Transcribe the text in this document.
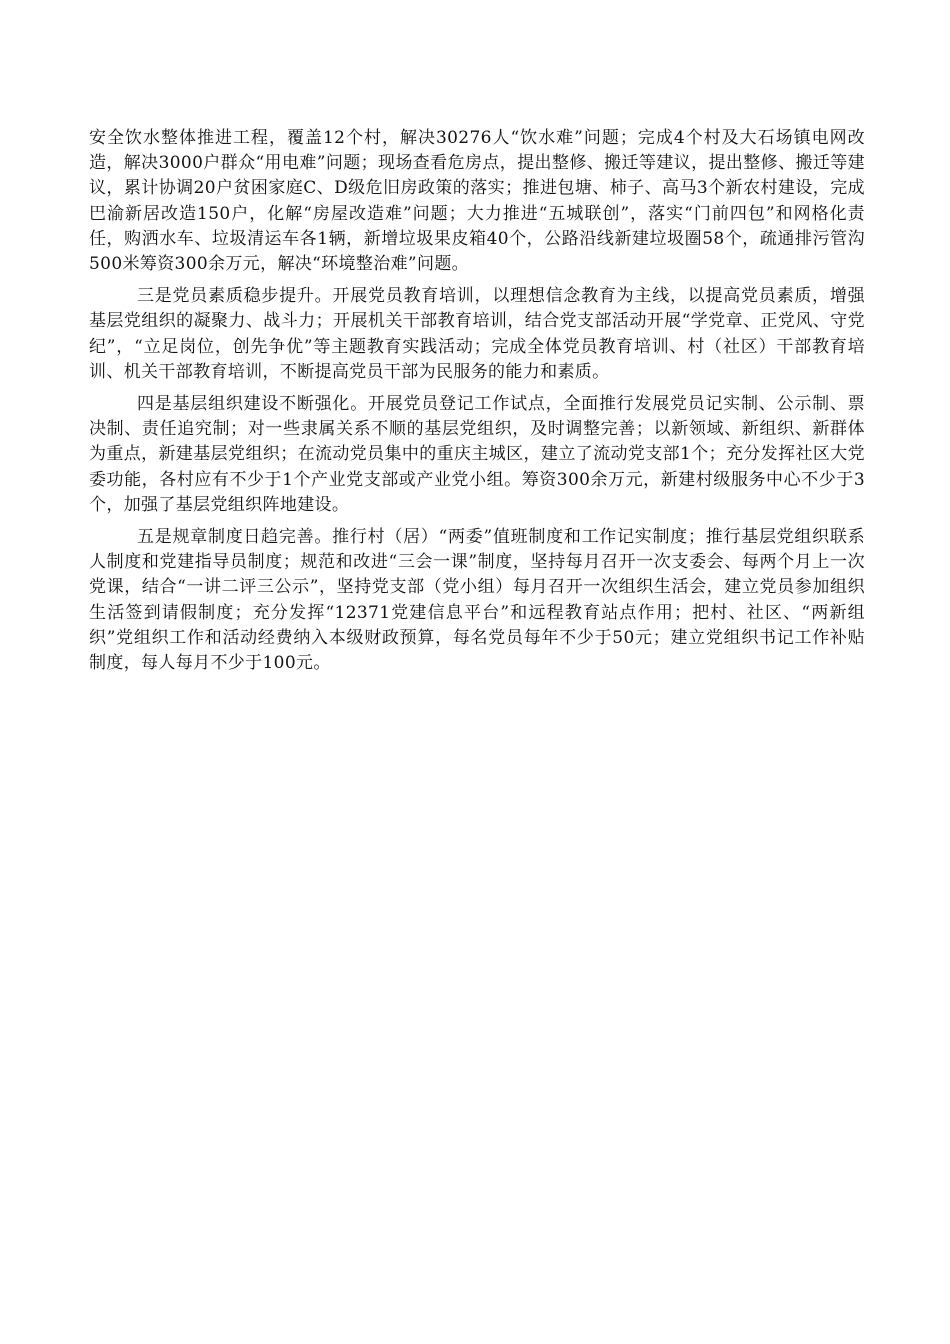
安全饮水整体推进工程，覆盖12个村，解决30276人“饮水难”问题；完成4个村及大石场镇电网改造，解决3000户群众“用电难”问题；现场查看危房点，提出整修、搬迁等建议，提出整修、搬迁等建议，累计协调20户贫困家庭C、D级危旧房政策的落实；推进包塘、柿子、高马3个新农村建设，完成巴渝新居改造150户，化解“房屋改造难”问题；大力推进“五城联创”，落实“门前四包”和网格化责任，购洒水车、垃圾清运车各1辆，新增垃圾果皮箱40个，公路沿线新建垃圾圈58个，疏通排污管沟500米筹资300余万元，解决“环境整治难”问题。

三是党员素质稳步提升。开展党员教育培训，以理想信念教育为主线，以提高党员素质，增强基层党组织的凝聚力、战斗力；开展机关干部教育培训，结合党支部活动开展“学党章、正党风、守党纪”，“立足岗位，创先争优”等主题教育实践活动；完成全体党员教育培训、村（社区）干部教育培训、机关干部教育培训，不断提高党员干部为民服务的能力和素质。

四是基层组织建设不断强化。开展党员登记工作试点，全面推行发展党员记实制、公示制、票决制、责任追究制；对一些隶属关系不顺的基层党组织，及时调整完善；以新领域、新组织、新群体为重点，新建基层党组织；在流动党员集中的重庆主城区，建立了流动党支部1个；充分发挥社区大党委功能，各村应有不少于1个产业党支部或产业党小组。筹资300余万元，新建村级服务中心不少于3个，加强了基层党组织阵地建设。

五是规章制度日趋完善。推行村（居）“两委”值班制度和工作记实制度；推行基层党组织联系人制度和党建指导员制度；规范和改进“三会一课”制度，坚持每月召开一次支委会、每两个月上一次党课，结合“一讲二评三公示”，坚持党支部（党小组）每月召开一次组织生活会，建立党员参加组织生活签到请假制度；充分发挥“12371党建信息平台”和远程教育站点作用；把村、社区、“两新组织”党组织工作和活动经费纳入本级财政预算，每名党员每年不少于50元；建立党组织书记工作补贴制度，每人每月不少于100元。
